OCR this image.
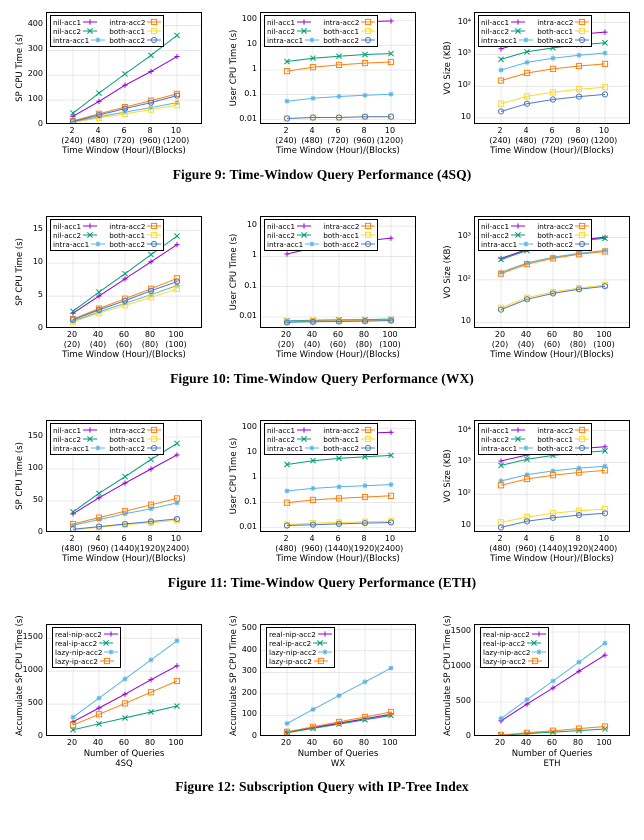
SP CPU Time (s)
0
100
200
300
400
2
(240)
4
(480)
6
(720)
8
(960)
10
(1200)
Time Window (Hour)/(Blocks)
nil-acc1	intra-acc2
nil-acc2	both-acc1
intra-acc1	both-acc2	User CPU Time (s)
0.01
0.1
1
10
100
2
(240)
4
(480)
6
(720)
8
(960)
10
(1200)
Time Window (Hour)/(Blocks)
nil-acc1	intra-acc2
nil-acc2	both-acc1
intra-acc1	both-acc2
VO Size (KB)
10
10²
10³
10⁴
2
(240)
4
(480)
6
(720)
8
(960)
10
(1200)
Time Window (Hour)/(Blocks)
nil-acc1	intra-acc2
nil-acc2	both-acc1
intra-acc1	both-acc2
Figure 9: Time-Window Query Performance (4SQ)
SP CPU Time (s)
0
5
10
15
20
(20)
40
(40)
60
(60)
80
(80)
100
(100)
Time Window (Hour)/(Blocks)
nil-acc1	intra-acc2
nil-acc2	both-acc1
intra-acc1	both-acc2	User CPU Time (s)
0.01
0.1
1
10
20
(20)
40
(40)
60
(60)
80
(80)
100
(100)
Time Window (Hour)/(Blocks)
nil-acc1	intra-acc2
nil-acc2	both-acc1
intra-acc1	both-acc2
VO Size (KB)
10
10²
10³
20
(20)
40
(40)
60
(60)
80
(80)
100
(100)
Time Window (Hour)/(Blocks)
nil-acc1	intra-acc2
nil-acc2	both-acc1
intra-acc1	both-acc2
Figure 10: Time-Window Query Performance (WX)
SP CPU Time (s)
0
50
100
150
2
(480)
4
(960)
6
(1440)
8
(1920)
10
(2400)
Time Window (Hour)/(Blocks)
nil-acc1	intra-acc2
nil-acc2	both-acc1
intra-acc1	both-acc2	User CPU Time (s)
0.01
0.1
1
10
100
2
(480)
4
(960)
6
(1440)
8
(1920)
10
(2400)
Time Window (Hour)/(Blocks)
nil-acc1	intra-acc2
nil-acc2	both-acc1
intra-acc1	both-acc2
VO Size (KB)
10
10²
10³
10⁴
2
(480)
4
(960)
6
(1440)
8
(1920)
10
(2400)
Time Window (Hour)/(Blocks)
nil-acc1	intra-acc2
nil-acc2	both-acc1
intra-acc1	both-acc2
Figure 11: Time-Window Query Performance (ETH)
Accumulate SP CPU Time (s)	0
500
1000
1500
20	40	60	80	100
Number of Queries
4SQ
real-nip-acc2
real-ip-acc2
lazy-nip-acc2
lazy-ip-acc2	Accumulate SP CPU Time (s)	0
100
200
300
400
500
20	40	60	80	100
Number of Queries
WX
real-nip-acc2
real-ip-acc2
lazy-nip-acc2
lazy-ip-acc2	Accumulate SP CPU Time (s)	0
500
1000
1500
20	40	60	80	100
Number of Queries
ETH
real-nip-acc2
real-ip-acc2
lazy-nip-acc2
lazy-ip-acc2
Figure 12: Subscription Query with IP-Tree Index
